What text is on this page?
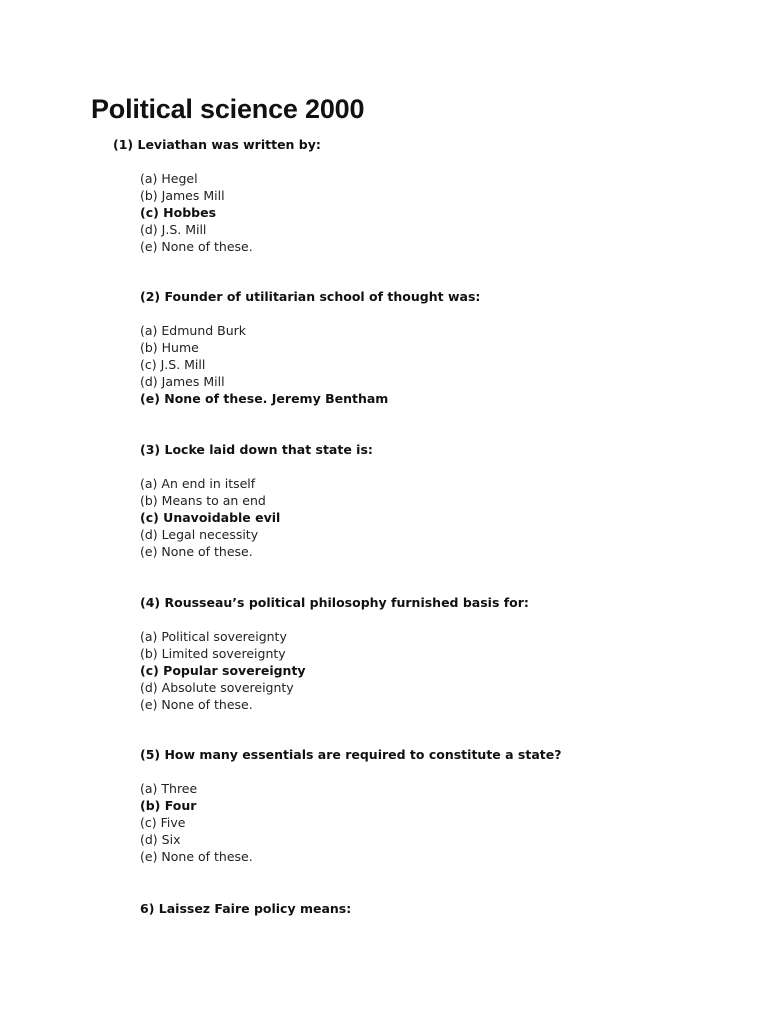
Political science 2000
(1) Leviathan was written by:
(a) Hegel
(b) James Mill
(c) Hobbes
(d) J.S. Mill
(e) None of these.
(2) Founder of utilitarian school of thought was:
(a) Edmund Burk
(b) Hume
(c) J.S. Mill
(d) James Mill
(e) None of these. Jeremy Bentham
(3) Locke laid down that state is:
(a) An end in itself
(b) Means to an end
(c) Unavoidable evil
(d) Legal necessity
(e) None of these.
(4) Rousseau’s political philosophy furnished basis for:
(a) Political sovereignty
(b) Limited sovereignty
(c) Popular sovereignty
(d) Absolute sovereignty
(e) None of these.
(5) How many essentials are required to constitute a state?
(a) Three
(b) Four
(c) Five
(d) Six
(e) None of these.
6) Laissez Faire policy means:
